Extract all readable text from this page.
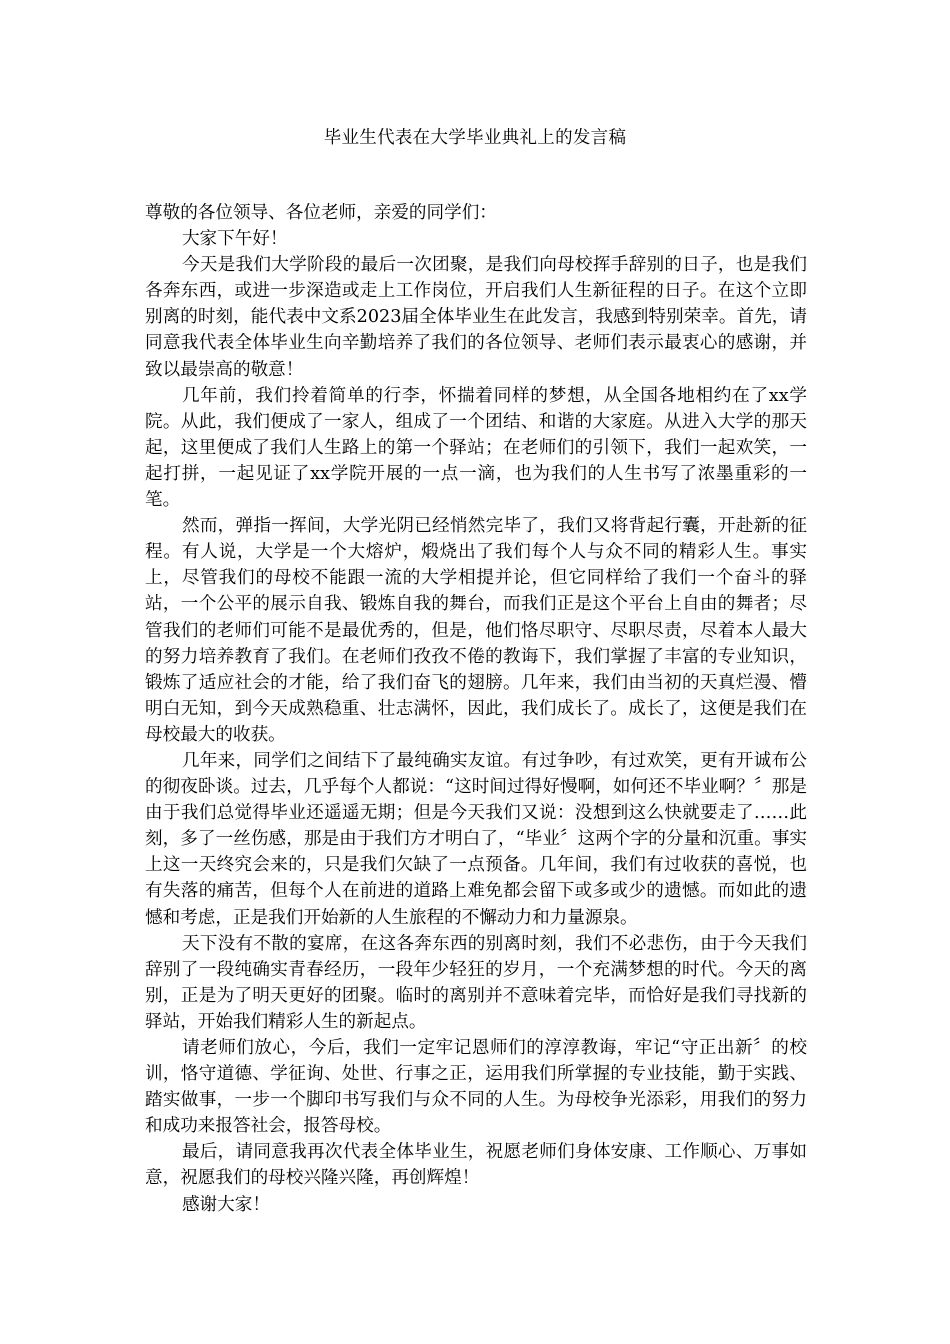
毕业生代表在大学毕业典礼上的发言稿

尊敬的各位领导、各位老师，亲爱的同学们：

大家下午好！

今天是我们大学阶段的最后一次团聚，是我们向母校挥手辞别的日子，也是我们各奔东西，或进一步深造或走上工作岗位，开启我们人生新征程的日子。在这个立即别离的时刻，能代表中文系2023届全体毕业生在此发言，我感到特别荣幸。首先，请同意我代表全体毕业生向辛勤培养了我们的各位领导、老师们表示最衷心的感谢，并致以最崇高的敬意！

几年前，我们拎着简单的行李，怀揣着同样的梦想，从全国各地相约在了xx学院。从此，我们便成了一家人，组成了一个团结、和谐的大家庭。从进入大学的那天起，这里便成了我们人生路上的第一个驿站；在老师们的引领下，我们一起欢笑，一起打拼，一起见证了xx学院开展的一点一滴，也为我们的人生书写了浓墨重彩的一笔。

然而，弹指一挥间，大学光阴已经悄然完毕了，我们又将背起行囊，开赴新的征程。有人说，大学是一个大熔炉，煅烧出了我们每个人与众不同的精彩人生。事实上，尽管我们的母校不能跟一流的大学相提并论，但它同样给了我们一个奋斗的驿站，一个公平的展示自我、锻炼自我的舞台，而我们正是这个平台上自由的舞者；尽管我们的老师们可能不是最优秀的，但是，他们恪尽职守、尽职尽责，尽着本人最大的努力培养教育了我们。在老师们孜孜不倦的教诲下，我们掌握了丰富的专业知识，锻炼了适应社会的才能，给了我们奋飞的翅膀。几年来，我们由当初的天真烂漫、懵明白无知，到今天成熟稳重、壮志满怀，因此，我们成长了。成长了，这便是我们在母校最大的收获。

几年来，同学们之间结下了最纯确实友谊。有过争吵，有过欢笑，更有开诚布公的彻夜卧谈。过去，几乎每个人都说：“这时间过得好慢啊，如何还不毕业啊？〞那是由于我们总觉得毕业还遥遥无期；但是今天我们又说：没想到这么快就要走了……此刻，多了一丝伤感，那是由于我们方才明白了，“毕业〞这两个字的分量和沉重。事实上这一天终究会来的，只是我们欠缺了一点预备。几年间，我们有过收获的喜悦，也有失落的痛苦，但每个人在前进的道路上难免都会留下或多或少的遗憾。而如此的遗憾和考虑，正是我们开始新的人生旅程的不懈动力和力量源泉。

天下没有不散的宴席，在这各奔东西的别离时刻，我们不必悲伤，由于今天我们辞别了一段纯确实青春经历，一段年少轻狂的岁月，一个充满梦想的时代。今天的离别，正是为了明天更好的团聚。临时的离别并不意味着完毕，而恰好是我们寻找新的驿站，开始我们精彩人生的新起点。

请老师们放心，今后，我们一定牢记恩师们的淳淳教诲，牢记“守正出新〞的校训，恪守道德、学征询、处世、行事之正，运用我们所掌握的专业技能，勤于实践、踏实做事，一步一个脚印书写我们与众不同的人生。为母校争光添彩，用我们的努力和成功来报答社会，报答母校。

最后，请同意我再次代表全体毕业生，祝愿老师们身体安康、工作顺心、万事如意，祝愿我们的母校兴隆兴隆，再创辉煌！

感谢大家！
